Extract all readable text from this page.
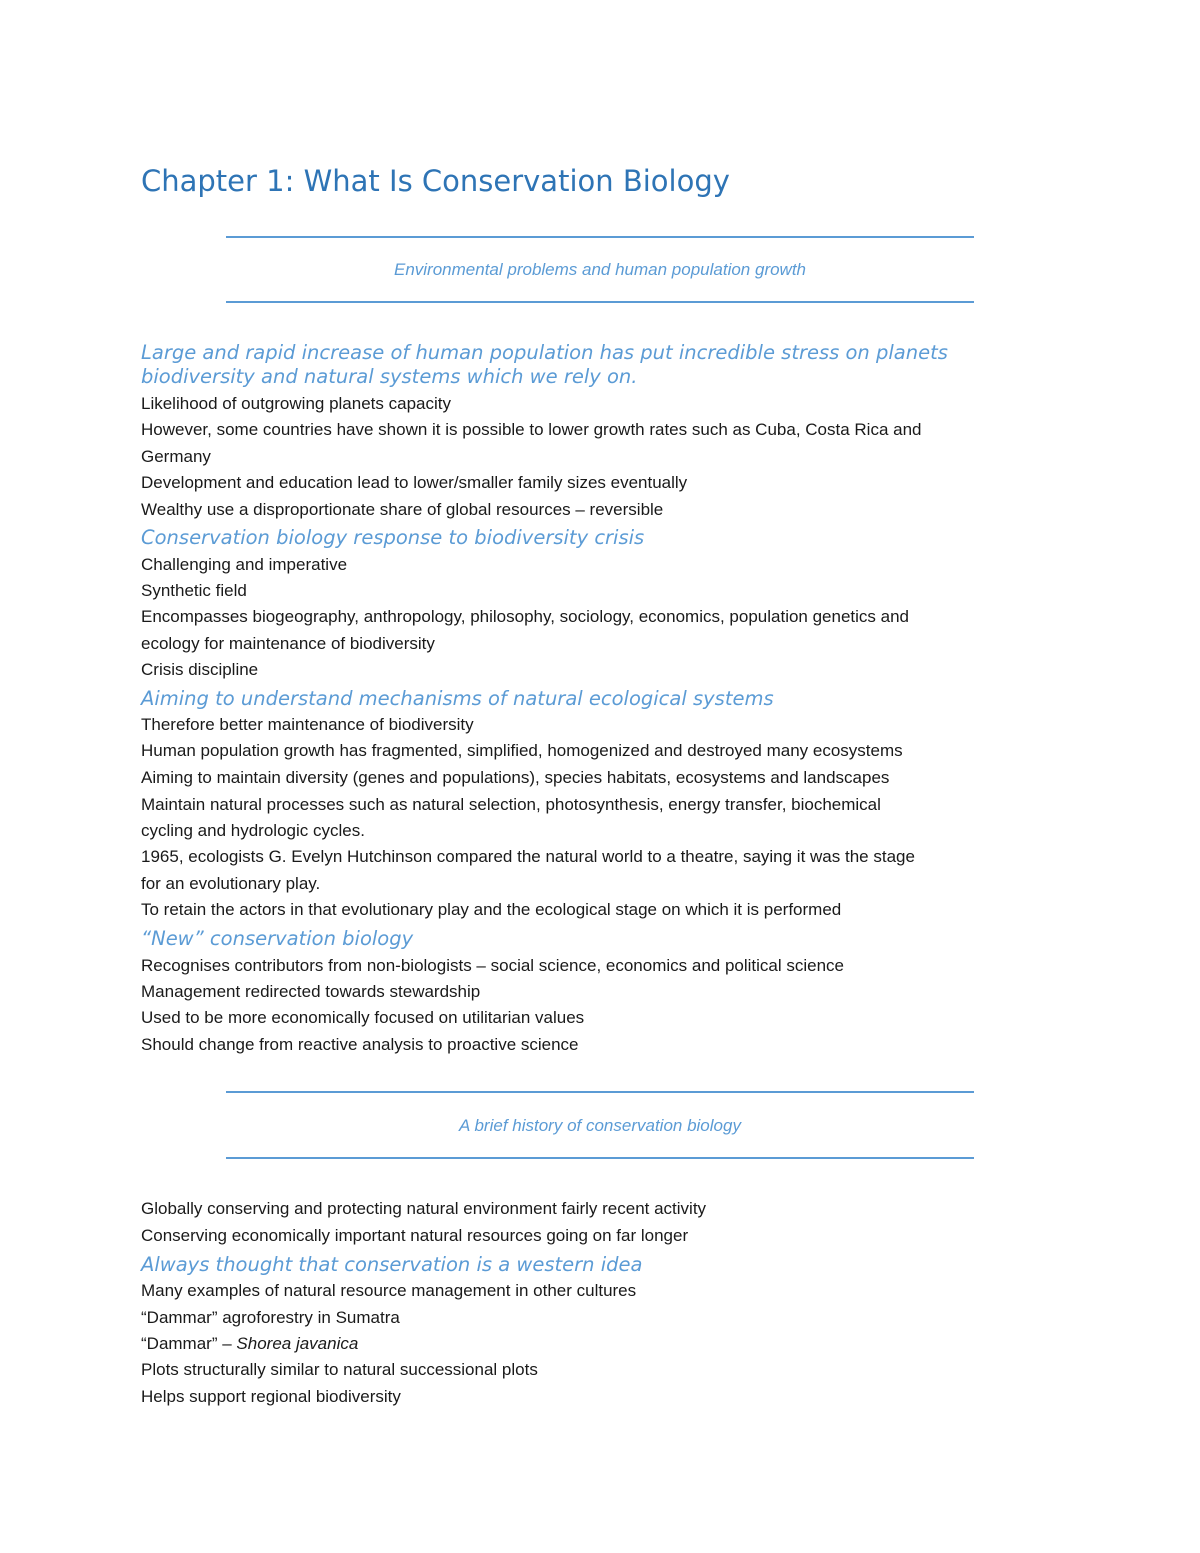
Chapter 1: What Is Conservation Biology
Environmental problems and human population growth
Large and rapid increase of human population has put incredible stress on planets
biodiversity and natural systems which we rely on.
Likelihood of outgrowing planets capacity
However, some countries have shown it is possible to lower growth rates such as Cuba, Costa Rica and
Germany
Development and education lead to lower/smaller family sizes eventually
Wealthy use a disproportionate share of global resources – reversible
Conservation biology response to biodiversity crisis
Challenging and imperative
Synthetic field
Encompasses biogeography, anthropology, philosophy, sociology, economics, population genetics and
ecology for maintenance of biodiversity
Crisis discipline
Aiming to understand mechanisms of natural ecological systems
Therefore better maintenance of biodiversity
Human population growth has fragmented, simplified, homogenized and destroyed many ecosystems
Aiming to maintain diversity (genes and populations), species habitats, ecosystems and landscapes
Maintain natural processes such as natural selection, photosynthesis, energy transfer, biochemical
cycling and hydrologic cycles.
1965, ecologists G. Evelyn Hutchinson compared the natural world to a theatre, saying it was the stage
for an evolutionary play.
To retain the actors in that evolutionary play and the ecological stage on which it is performed
“New” conservation biology
Recognises contributors from non-biologists – social science, economics and political science
Management redirected towards stewardship
Used to be more economically focused on utilitarian values
Should change from reactive analysis to proactive science
A brief history of conservation biology
Globally conserving and protecting natural environment fairly recent activity
Conserving economically important natural resources going on far longer
Always thought that conservation is a western idea
Many examples of natural resource management in other cultures
“Dammar” agroforestry in Sumatra
“Dammar” – Shorea javanica
Plots structurally similar to natural successional plots
Helps support regional biodiversity
